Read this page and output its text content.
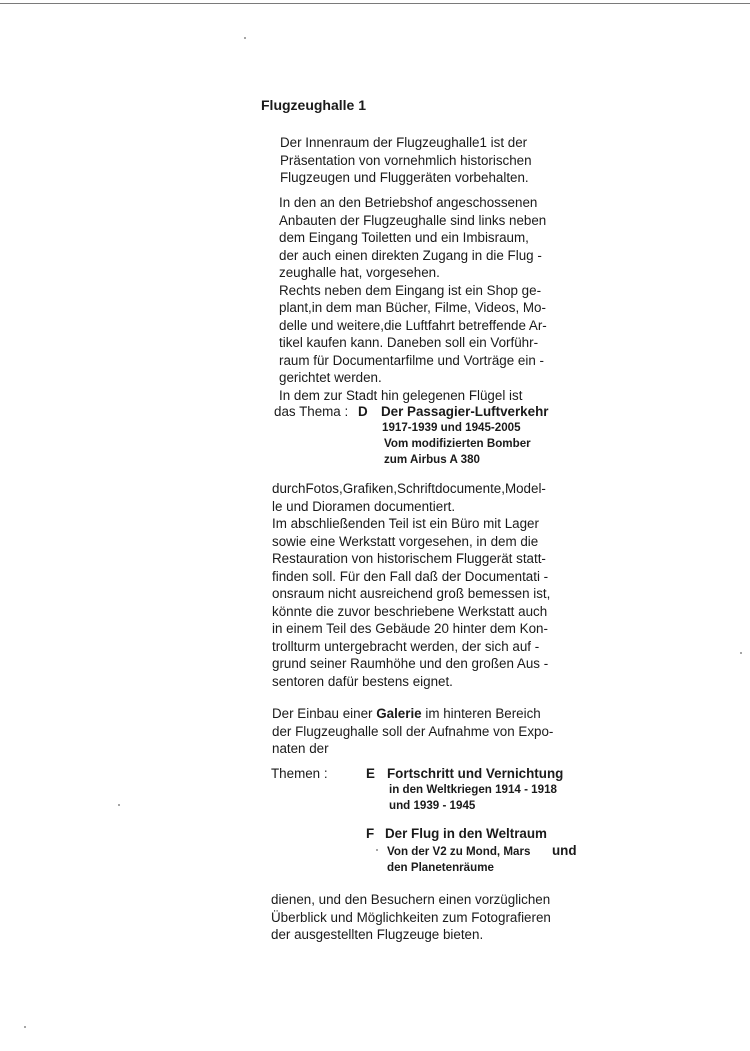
Flugzeughalle 1

Der Innenraum der Flugzeughalle1 ist der
Präsentation von vornehmlich historischen
Flugzeugen und Fluggeräten vorbehalten.

In den an den Betriebshof angeschossenen
Anbauten der Flugzeughalle sind links neben
dem Eingang Toiletten und ein Imbisraum,
der auch einen direkten Zugang in die Flug -
zeughalle hat, vorgesehen.
Rechts neben dem Eingang ist ein Shop ge-
plant,in dem man Bücher, Filme, Videos, Mo-
delle und weitere,die Luftfahrt betreffende Ar-
tikel kaufen kann. Daneben soll ein Vorführ-
raum für Documentarfilme und Vorträge ein -
gerichtet werden.
In dem zur Stadt hin gelegenen Flügel ist

das Thema : D Der Passagier-Luftverkehr
1917-1939 und 1945-2005
Vom modifizierten Bomber
zum Airbus A 380

durchFotos,Grafiken,Schriftdocumente,Model-
le und Dioramen documentiert.
Im abschließenden Teil ist ein Büro mit Lager
sowie eine Werkstatt vorgesehen, in dem die
Restauration von historischem Fluggerät statt-
finden soll. Für den Fall daß der Documentati -
onsraum nicht ausreichend groß bemessen ist,
könnte die zuvor beschriebene Werkstatt auch
in einem Teil des Gebäude 20 hinter dem Kon-
trollturm untergebracht werden, der sich auf -
grund seiner Raumhöhe und den großen Aus -
sentoren dafür bestens eignet.

Der Einbau einer Galerie im hinteren Bereich
der Flugzeughalle soll der Aufnahme von Expo-
naten der

Themen :	E Fortschritt und Vernichtung
in den Weltkriegen 1914 - 1918
und 1939 - 1945
F Der Flug in den Weltraum
Von der V2 zu Mond, Mars und
den Planetenräume

dienen, und den Besuchern einen vorzüglichen
Überblick und Möglichkeiten zum Fotografieren
der ausgestellten Flugzeuge bieten.
